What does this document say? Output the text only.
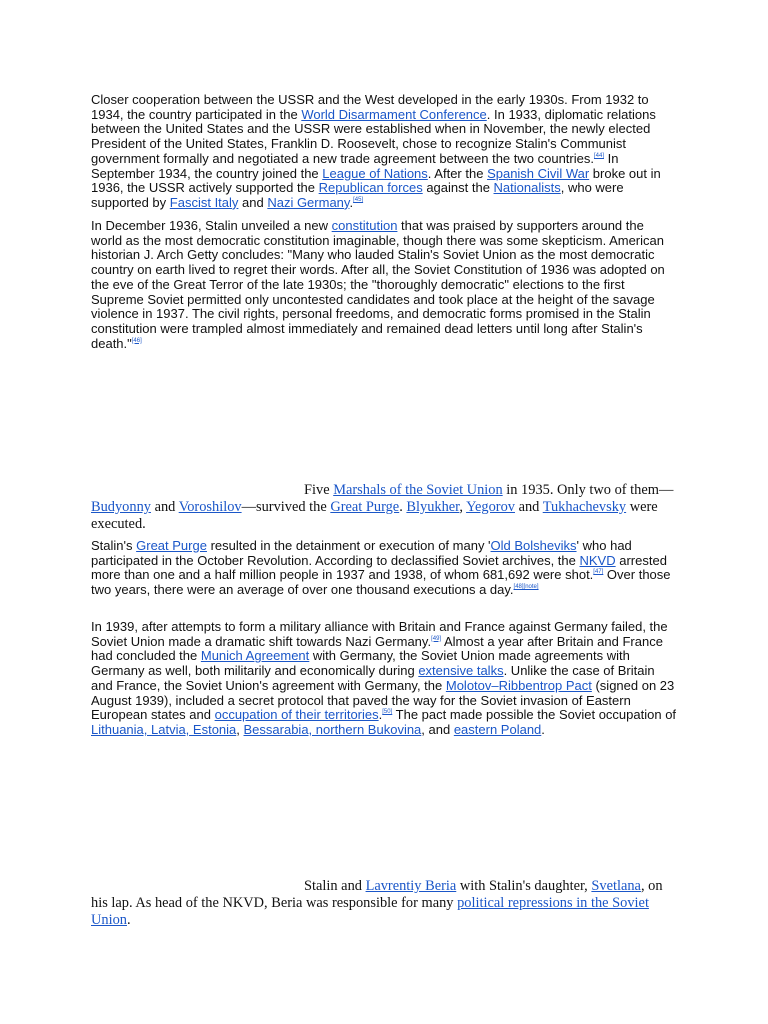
Closer cooperation between the USSR and the West developed in the early 1930s. From 1932 to 1934, the country participated in the World Disarmament Conference. In 1933, diplomatic relations between the United States and the USSR were established when in November, the newly elected President of the United States, Franklin D. Roosevelt, chose to recognize Stalin's Communist government formally and negotiated a new trade agreement between the two countries.[44] In September 1934, the country joined the League of Nations. After the Spanish Civil War broke out in 1936, the USSR actively supported the Republican forces against the Nationalists, who were supported by Fascist Italy and Nazi Germany.[45]

In December 1936, Stalin unveiled a new constitution that was praised by supporters around the world as the most democratic constitution imaginable, though there was some skepticism. American historian J. Arch Getty concludes: "Many who lauded Stalin's Soviet Union as the most democratic country on earth lived to regret their words. After all, the Soviet Constitution of 1936 was adopted on the eve of the Great Terror of the late 1930s; the "thoroughly democratic" elections to the first Supreme Soviet permitted only uncontested candidates and took place at the height of the savage violence in 1937. The civil rights, personal freedoms, and democratic forms promised in the Stalin constitution were trampled almost immediately and remained dead letters until long after Stalin's death."[46]

Five Marshals of the Soviet Union in 1935. Only two of them—Budyonny and Voroshilov—survived the Great Purge. Blyukher, Yegorov and Tukhachevsky were executed.

Stalin's Great Purge resulted in the detainment or execution of many 'Old Bolsheviks' who had participated in the October Revolution. According to declassified Soviet archives, the NKVD arrested more than one and a half million people in 1937 and 1938, of whom 681,692 were shot.[47] Over those two years, there were an average of over one thousand executions a day.[48][note]

In 1939, after attempts to form a military alliance with Britain and France against Germany failed, the Soviet Union made a dramatic shift towards Nazi Germany.[49] Almost a year after Britain and France had concluded the Munich Agreement with Germany, the Soviet Union made agreements with Germany as well, both militarily and economically during extensive talks. Unlike the case of Britain and France, the Soviet Union's agreement with Germany, the Molotov–Ribbentrop Pact (signed on 23 August 1939), included a secret protocol that paved the way for the Soviet invasion of Eastern European states and occupation of their territories.[50] The pact made possible the Soviet occupation of Lithuania, Latvia, Estonia, Bessarabia, northern Bukovina, and eastern Poland.

Stalin and Lavrentiy Beria with Stalin's daughter, Svetlana, on his lap. As head of the NKVD, Beria was responsible for many political repressions in the Soviet Union.
